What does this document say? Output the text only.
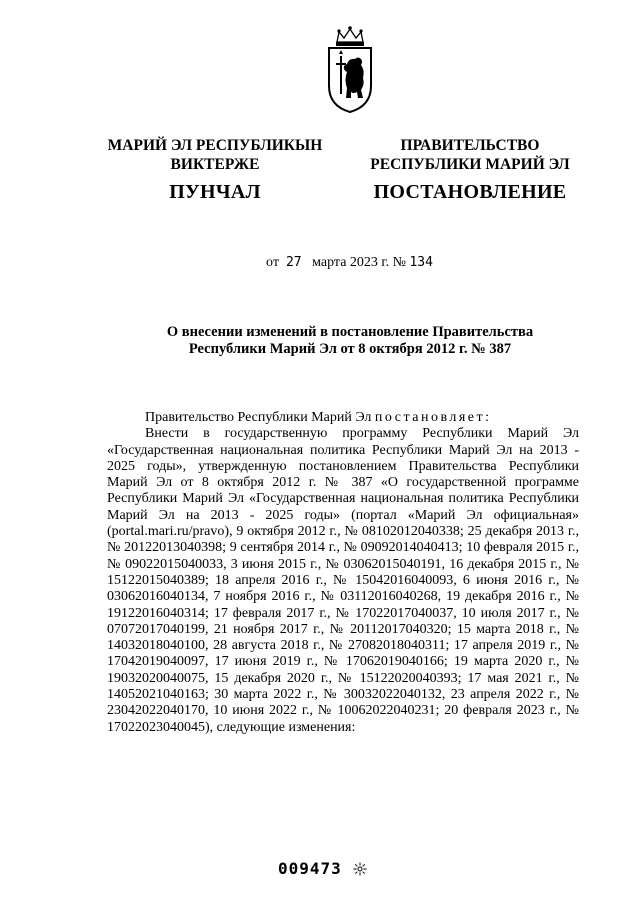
МАРИЙ ЭЛ РЕСПУБЛИКЫН
ВИКТЕРЖЕ
ПУНЧАЛ
ПРАВИТЕЛЬСТВО
РЕСПУБЛИКИ МАРИЙ ЭЛ
ПОСТАНОВЛЕНИЕ
от 27 марта 2023 г. № 134
О внесении изменений в постановление Правительства
Республики Марий Эл от 8 октября 2012 г. № 387

Правительство Республики Марий Эл постановляет:

Внести в государственную программу Республики Марий Эл «Государственная национальная политика Республики Марий Эл на 2013 - 2025 годы», утвержденную постановлением Правительства Республики Марий Эл от 8 октября 2012 г. № 387 «О государственной программе Республики Марий Эл «Государственная национальная политика Республики Марий Эл на 2013 - 2025 годы» (портал «Марий Эл официальная» (portal.mari.ru/pravo), 9 октября 2012 г., № 08102012040338; 25 декабря 2013 г., № 20122013040398; 9 сентября 2014 г., № 09092014040413; 10 февраля 2015 г., № 09022015040033, 3 июня 2015 г., № 03062015040191, 16 декабря 2015 г., № 15122015040389; 18 апреля 2016 г., № 15042016040093, 6 июня 2016 г., № 03062016040134, 7 ноября 2016 г., № 03112016040268, 19 декабря 2016 г., № 19122016040314; 17 февраля 2017 г., № 17022017040037, 10 июля 2017 г., № 07072017040199, 21 ноября 2017 г., № 20112017040320; 15 марта 2018 г., № 14032018040100, 28 августа 2018 г., № 27082018040311; 17 апреля 2019 г., № 17042019040097, 17 июня 2019 г., № 17062019040166; 19 марта 2020 г., № 19032020040075, 15 декабря 2020 г., № 15122020040393; 17 мая 2021 г., № 14052021040163; 30 марта 2022 г., № 30032022040132, 23 апреля 2022 г., № 23042022040170, 10 июня 2022 г., № 10062022040231; 20 февраля 2023 г., № 17022023040045), следующие изменения:

009473
